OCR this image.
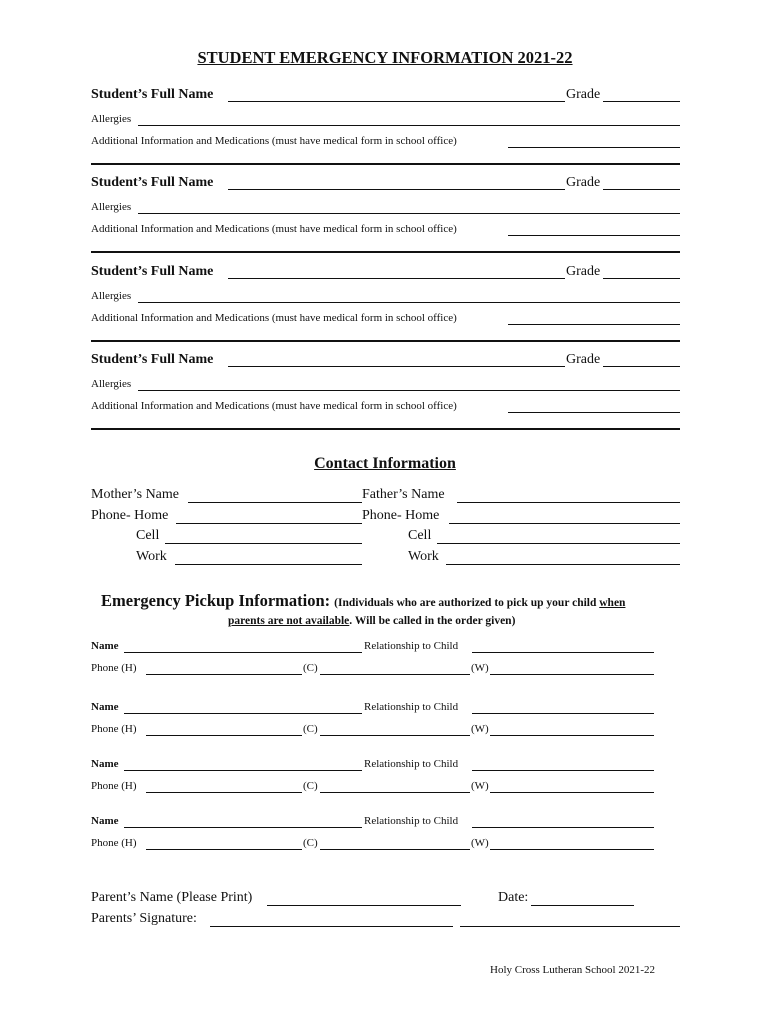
STUDENT EMERGENCY INFORMATION 2021-22
Student’s Full Name	Grade
Allergies
Additional Information and Medications (must have medical form in school office)
Student’s Full Name	Grade
Allergies
Additional Information and Medications (must have medical form in school office)
Student’s Full Name	Grade
Allergies
Additional Information and Medications (must have medical form in school office)
Student’s Full Name	Grade
Allergies
Additional Information and Medications (must have medical form in school office)
Contact Information
Mother’s Name	Father’s Name
Phone- Home	Phone- Home
Cell	Cell
Work	Work
Emergency Pickup Information: (Individuals who are authorized to pick up your child when
parents are not available. Will be called in the order given)
Name	Relationship to Child
Phone (H)	(C)	(W)
Name	Relationship to Child
Phone (H)	(C)	(W)
Name	Relationship to Child
Phone (H)	(C)	(W)
Name	Relationship to Child
Phone (H)	(C)	(W)
Parent’s Name (Please Print)	Date:
Parents’ Signature:
Holy Cross Lutheran School 2021-22
